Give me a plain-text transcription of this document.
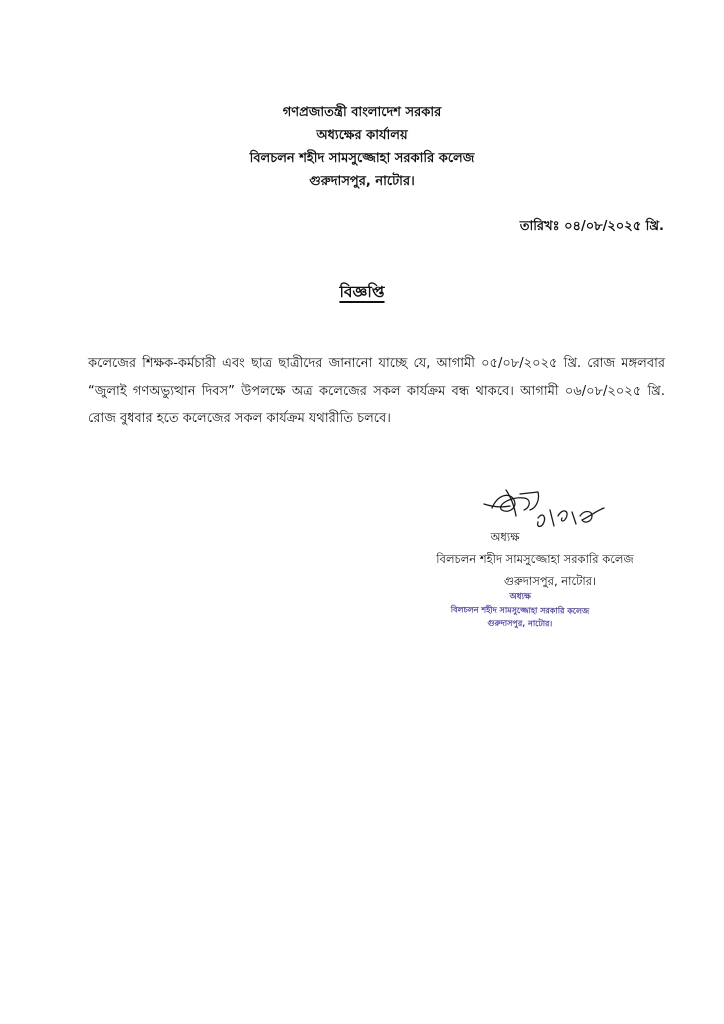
গণপ্রজাতন্ত্রী বাংলাদেশ সরকার
অধ্যক্ষের কার্যালয়
বিলচলন শহীদ সামসুজ্জোহা সরকারি কলেজ
গুরুদাসপুর, নাটোর।
তারিখঃ ০৪/০৮/২০২৫ খ্রি.
বিজ্ঞপ্তি
কলেজের শিক্ষক-কর্মচারী এবং ছাত্র ছাত্রীদের জানানো যাচ্ছে যে, আগামী ০৫/০৮/২০২৫ খ্রি. রোজ মঙ্গলবার “জুলাই গণঅভ্যুত্থান দিবস” উপলক্ষে অত্র কলেজের সকল কার্যক্রম বন্ধ থাকবে। আগামী ০৬/০৮/২০২৫ খ্রি. রোজ বুধবার হতে কলেজের সকল কার্যক্রম যথারীতি চলবে।
৪/৮/২৫
অধ্যক্ষ
বিলচলন শহীদ সামসুজ্জোহা সরকারি কলেজ
গুরুদাসপুর, নাটোর।
অধ্যক্ষ
বিলচলন শহীদ সামসুজ্জোহা সরকারি কলেজ
গুরুদাসপুর, নাটোর।
